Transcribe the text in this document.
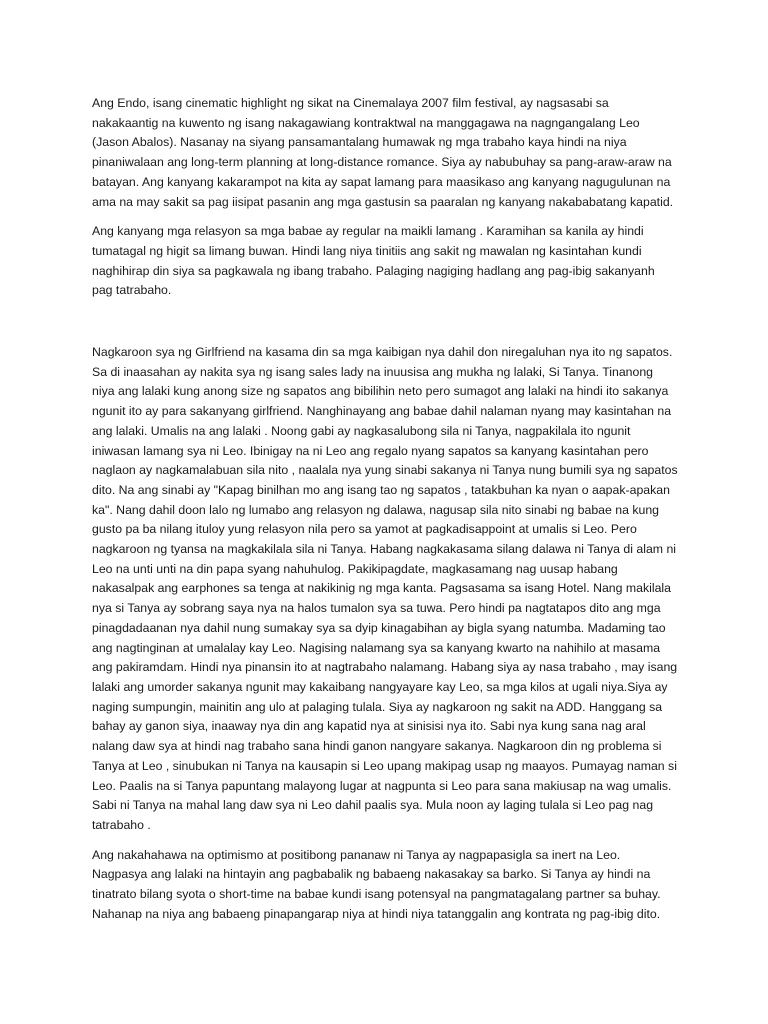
Ang Endo, isang cinematic highlight ng sikat na Cinemalaya 2007 film festival, ay nagsasabi sa nakakaantig na kuwento ng isang nakagawiang kontraktwal na manggagawa na nagngangalang Leo (Jason Abalos). Nasanay na siyang pansamantalang humawak ng mga trabaho kaya hindi na niya pinaniwalaan ang long-term planning at long-distance romance. Siya ay nabubuhay sa pang-araw-araw na batayan. Ang kanyang kakarampot na kita ay sapat lamang para maasikaso ang kanyang nagugulunan na ama na may sakit sa pag iisipat pasanin ang mga gastusin sa paaralan ng kanyang nakababatang kapatid.

Ang kanyang mga relasyon sa mga babae ay regular na maikli lamang . Karamihan sa kanila ay hindi tumatagal ng higit sa limang buwan. Hindi lang niya tinitiis ang sakit ng mawalan ng kasintahan kundi naghihirap din siya sa pagkawala ng ibang trabaho. Palaging nagiging hadlang ang pag-ibig sakanyanh pag tatrabaho.

Nagkaroon sya ng Girlfriend na kasama din sa mga kaibigan nya dahil don niregaluhan nya ito ng sapatos. Sa di inaasahan ay nakita sya ng isang sales lady na inuusisa ang mukha ng lalaki, Si Tanya. Tinanong niya ang lalaki kung anong size ng sapatos ang bibilihin neto pero sumagot ang lalaki na hindi ito sakanya ngunit ito ay para sakanyang girlfriend. Nanghinayang ang babae dahil nalaman nyang may kasintahan na ang lalaki. Umalis na ang lalaki . Noong gabi ay nagkasalubong sila ni Tanya, nagpakilala ito ngunit iniwasan lamang sya ni Leo. Ibinigay na ni Leo ang regalo nyang sapatos sa kanyang kasintahan pero naglaon ay nagkamalabuan sila nito , naalala nya yung sinabi sakanya ni Tanya nung bumili sya ng sapatos dito. Na ang sinabi ay "Kapag binilhan mo ang isang tao ng sapatos , tatakbuhan ka nyan o aapak-apakan ka". Nang dahil doon lalo ng lumabo ang relasyon ng dalawa, nagusap sila nito sinabi ng babae na kung gusto pa ba nilang ituloy yung relasyon nila pero sa yamot at pagkadisappoint at umalis si Leo. Pero nagkaroon ng tyansa na magkakilala sila ni Tanya. Habang nagkakasama silang dalawa ni Tanya di alam ni Leo na unti unti na din papa syang nahuhulog. Pakikipagdate, magkasamang nag uusap habang nakasalpak ang earphones sa tenga at nakikinig ng mga kanta. Pagsasama sa isang Hotel. Nang makilala nya si Tanya ay sobrang saya nya na halos tumalon sya sa tuwa. Pero hindi pa nagtatapos dito ang mga pinagdadaanan nya dahil nung sumakay sya sa dyip kinagabihan ay bigla syang natumba. Madaming tao ang nagtinginan at umalalay kay Leo. Nagising nalamang sya sa kanyang kwarto na nahihilo at masama ang pakiramdam. Hindi nya pinansin ito at nagtrabaho nalamang. Habang siya ay nasa trabaho , may isang lalaki ang umorder sakanya ngunit may kakaibang nangyayare kay Leo, sa mga kilos at ugali niya.Siya ay naging sumpungin, mainitin ang ulo at palaging tulala. Siya ay nagkaroon ng sakit na ADD. Hanggang sa bahay ay ganon siya, inaaway nya din ang kapatid nya at sinisisi nya ito. Sabi nya kung sana nag aral nalang daw sya at hindi nag trabaho sana hindi ganon nangyare sakanya. Nagkaroon din ng problema si Tanya at Leo , sinubukan ni Tanya na kausapin si Leo upang makipag usap ng maayos. Pumayag naman si Leo. Paalis na si Tanya papuntang malayong lugar at nagpunta si Leo para sana makiusap na wag umalis. Sabi ni Tanya na mahal lang daw sya ni Leo dahil paalis sya. Mula noon ay laging tulala si Leo pag nag tatrabaho .

Ang nakahahawa na optimismo at positibong pananaw ni Tanya ay nagpapasigla sa inert na Leo. Nagpasya ang lalaki na hintayin ang pagbabalik ng babaeng nakasakay sa barko. Si Tanya ay hindi na tinatrato bilang syota o short-time na babae kundi isang potensyal na pangmatagalang partner sa buhay. Nahanap na niya ang babaeng pinapangarap niya at hindi niya tatanggalin ang kontrata ng pag-ibig dito.
